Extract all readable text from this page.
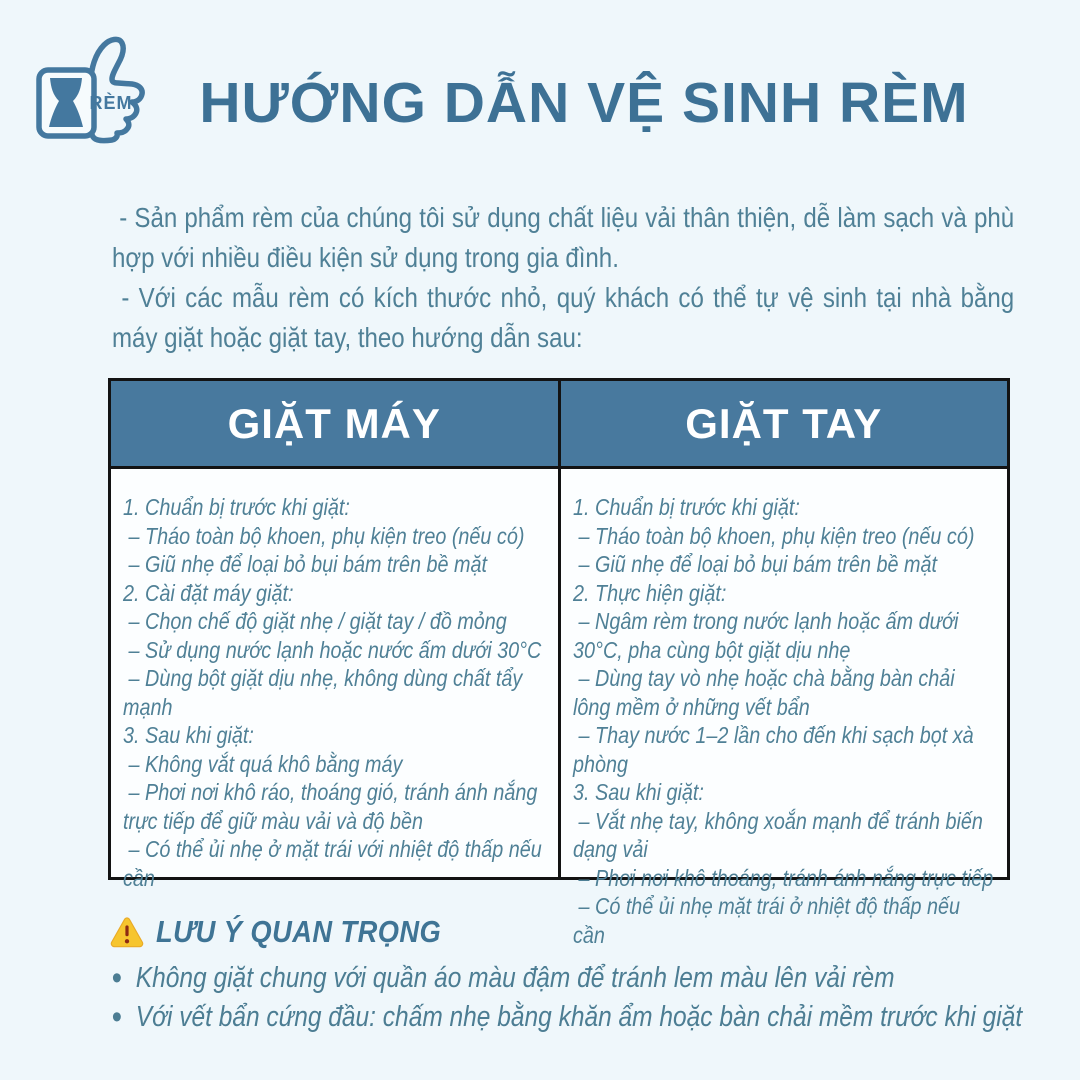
RÈM	HƯỚNG DẪN VỆ SINH RÈM

- Sản phẩm rèm của chúng tôi sử dụng chất liệu vải thân thiện, dễ làm sạch và phù hợp với nhiều điều kiện sử dụng trong gia đình.

- Với các mẫu rèm có kích thước nhỏ, quý khách có thể tự vệ sinh tại nhà bằng máy giặt hoặc giặt tay, theo hướng dẫn sau:

GIẶT MÁY
1. Chuẩn bị trước khi giặt:
– Tháo toàn bộ khoen, phụ kiện treo (nếu có)
– Giũ nhẹ để loại bỏ bụi bám trên bề mặt
2. Cài đặt máy giặt:
– Chọn chế độ giặt nhẹ / giặt tay / đồ mỏng
– Sử dụng nước lạnh hoặc nước ấm dưới 30°C
– Dùng bột giặt dịu nhẹ, không dùng chất tẩy mạnh
3. Sau khi giặt:
– Không vắt quá khô bằng máy
– Phơi nơi khô ráo, thoáng gió, tránh ánh nắng trực tiếp để giữ màu vải và độ bền
– Có thể ủi nhẹ ở mặt trái với nhiệt độ thấp nếu cần
GIẶT TAY
1. Chuẩn bị trước khi giặt:
– Tháo toàn bộ khoen, phụ kiện treo (nếu có)
– Giũ nhẹ để loại bỏ bụi bám trên bề mặt
2. Thực hiện giặt:
– Ngâm rèm trong nước lạnh hoặc ấm dưới 30°C, pha cùng bột giặt dịu nhẹ
– Dùng tay vò nhẹ hoặc chà bằng bàn chải lông mềm ở những vết bẩn
– Thay nước 1–2 lần cho đến khi sạch bọt xà phòng
3. Sau khi giặt:
– Vắt nhẹ tay, không xoắn mạnh để tránh biến dạng vải
– Phơi nơi khô thoáng, tránh ánh nắng trực tiếp
– Có thể ủi nhẹ mặt trái ở nhiệt độ thấp nếu cần
LƯU Ý QUAN TRỌNG
• Không giặt chung với quần áo màu đậm để tránh lem màu lên vải rèm
• Với vết bẩn cứng đầu: chấm nhẹ bằng khăn ẩm hoặc bàn chải mềm trước khi giặt
